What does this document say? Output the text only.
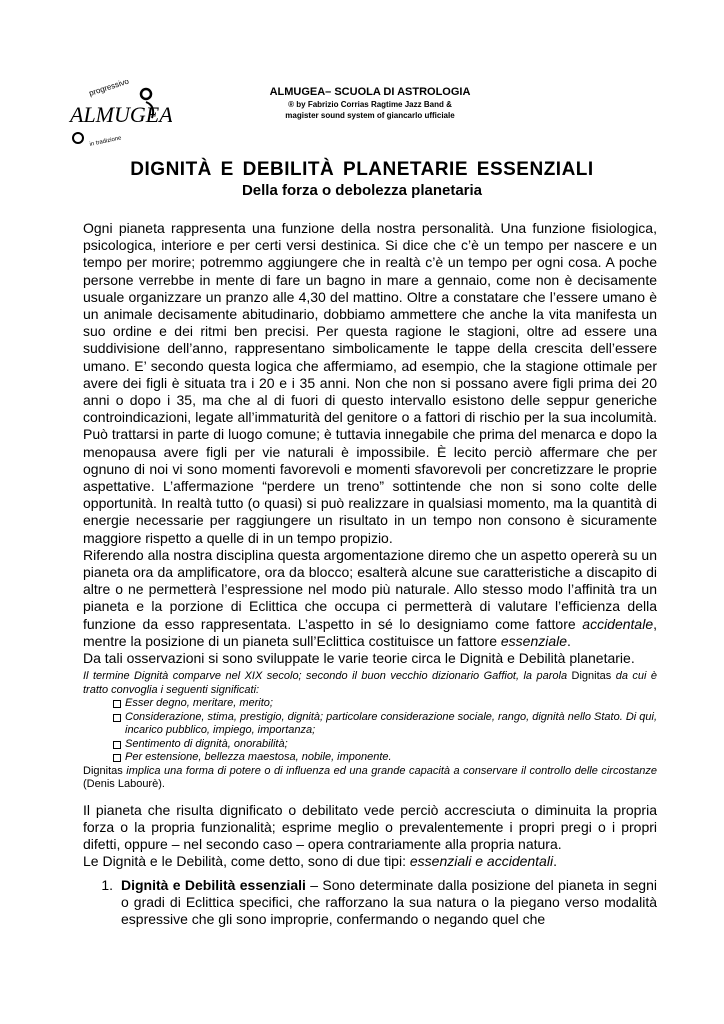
progressivo
ALMUGEA
in tradizione
ALMUGEA– SCUOLA DI ASTROLOGIA
® by Fabrizio Corrias Ragtime Jazz Band &
magister sound system of giancarlo ufficiale
DIGNITÀ E DEBILITÀ PLANETARIE ESSENZIALI
Della forza o debolezza planetaria

Ogni pianeta rappresenta una funzione della nostra personalità. Una funzione fisiologica, psicologica, interiore e per certi versi destinica. Si dice che c’è un tempo per nascere e un tempo per morire; potremmo aggiungere che in realtà c’è un tempo per ogni cosa. A poche persone verrebbe in mente di fare un bagno in mare a gennaio, come non è decisamente usuale organizzare un pranzo alle 4,30 del mattino. Oltre a constatare che l’essere umano è un animale decisamente abitudinario, dobbiamo ammettere che anche la vita manifesta un suo ordine e dei ritmi ben precisi. Per questa ragione le stagioni, oltre ad essere una suddivisione dell’anno, rappresentano simbolicamente le tappe della crescita dell’essere umano. E’ secondo questa logica che affermiamo, ad esempio, che la stagione ottimale per avere dei figli è situata tra i 20 e i 35 anni. Non che non si possano avere figli prima dei 20 anni o dopo i 35, ma che al di fuori di questo intervallo esistono delle seppur generiche controindicazioni, legate all’immaturità del genitore o a fattori di rischio per la sua incolumità. Può trattarsi in parte di luogo comune; è tuttavia innegabile che prima del menarca e dopo la menopausa avere figli per vie naturali è impossibile. È lecito perciò affermare che per ognuno di noi vi sono momenti favorevoli e momenti sfavorevoli per concretizzare le proprie aspettative. L’affermazione “perdere un treno” sottintende che non si sono colte delle opportunità. In realtà tutto (o quasi) si può realizzare in qualsiasi momento, ma la quantità di energie necessarie per raggiungere un risultato in un tempo non consono è sicuramente maggiore rispetto a quelle di in un tempo propizio.

Riferendo alla nostra disciplina questa argomentazione diremo che un aspetto opererà su un pianeta ora da amplificatore, ora da blocco; esalterà alcune sue caratteristiche a discapito di altre o ne permetterà l’espressione nel modo più naturale. Allo stesso modo l’affinità tra un pianeta e la porzione di Eclittica che occupa ci permetterà di valutare l’efficienza della funzione da esso rappresentata. L’aspetto in sé lo designiamo come fattore accidentale, mentre la posizione di un pianeta sull’Eclittica costituisce un fattore essenziale.

Da tali osservazioni si sono sviluppate le varie teorie circa le Dignità e Debilità planetarie.

Il termine Dignità comparve nel XIX secolo; secondo il buon vecchio dizionario Gaffiot, la parola Dignitas da cui è tratto convoglia i seguenti significati:
Esser degno, meritare, merito;
Considerazione, stima, prestigio, dignità; particolare considerazione sociale, rango, dignità nello Stato. Di qui, incarico pubblico, impiego, importanza;
Sentimento di dignità, onorabilità;
Per estensione, bellezza maestosa, nobile, imponente.
Dignitas implica una forma di potere o di influenza ed una grande capacità a conservare il controllo delle circostanze (Denis Labourè).

Il pianeta che risulta dignificato o debilitato vede perciò accresciuta o diminuita la propria forza o la propria funzionalità; esprime meglio o prevalentemente i propri pregi o i propri difetti, oppure – nel secondo caso – opera contrariamente alla propria natura.

Le Dignità e le Debilità, come detto, sono di due tipi: essenziali e accidentali.

1. Dignità e Debilità essenziali – Sono determinate dalla posizione del pianeta in segni o gradi di Eclittica specifici, che rafforzano la sua natura o la piegano verso modalità espressive che gli sono improprie, confermando o negando quel che
